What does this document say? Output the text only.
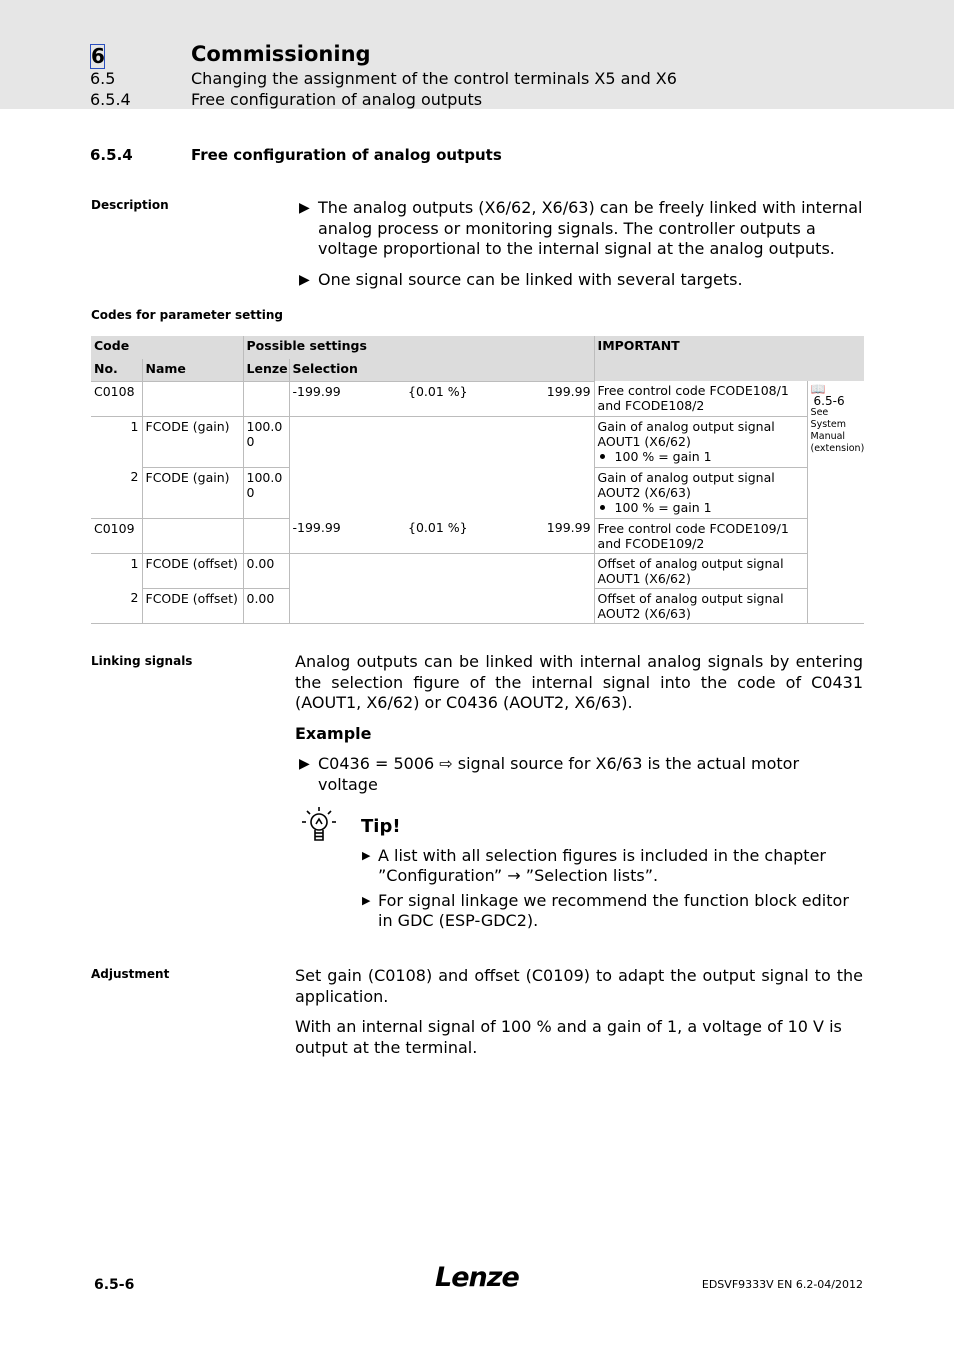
6	Commissioning
6.5	Changing the assignment of the control terminals X5 and X6
6.5.4	Free configuration of analog outputs
6.5.4	Free configuration of analog outputs
Description	▶ The analog outputs (X6/62, X6/63) can be freely linked with internal analog process or monitoring signals. The controller outputs a voltage proportional to the internal signal at the analog outputs.
▶ One signal source can be linked with several targets.
Codes for parameter setting
Code		Possible settings				IMPORTANT	
No.	Name	Lenze	Selection				
C0108			-199.99	{0.01 %}	199.99	Free control code FCODE108/1 and FCODE108/2	📖
6.5-6
See System Manual (extension)

1	FCODE (gain)	100.00				Gain of analog output signal AOUT1 (X6/62)
100 % = gain 1	
2	FCODE (gain)	100.00				Gain of analog output signal AOUT2 (X6/63)
100 % = gain 1	
C0109			-199.99	{0.01 %}	199.99	Free control code FCODE109/1 and FCODE109/2	
1	FCODE (offset)	0.00				Offset of analog output signal AOUT1 (X6/62)	
2	FCODE (offset)	0.00				Offset of analog output signal AOUT2 (X6/63)	
Linking signals	Analog outputs can be linked with internal analog signals by entering the selection figure of the internal signal into the code of C0431 (AOUT1, X6/62) or C0436 (AOUT2, X6/63).
Example
▶ C0436 = 5006 ⇨ signal source for X6/63 is the actual motor voltage
Tip!
▶ A list with all selection figures is included in the chapter ”Configuration” → ”Selection lists”.
▶ For signal linkage we recommend the function block editor in GDC (ESP-GDC2).
Adjustment	Set gain (C0108) and offset (C0109) to adapt the output signal to the application.
With an internal signal of 100 % and a gain of 1, a voltage of 10 V is output at the terminal.
6.5-6	Lenze	EDSVF9333V EN 6.2-04/2012
